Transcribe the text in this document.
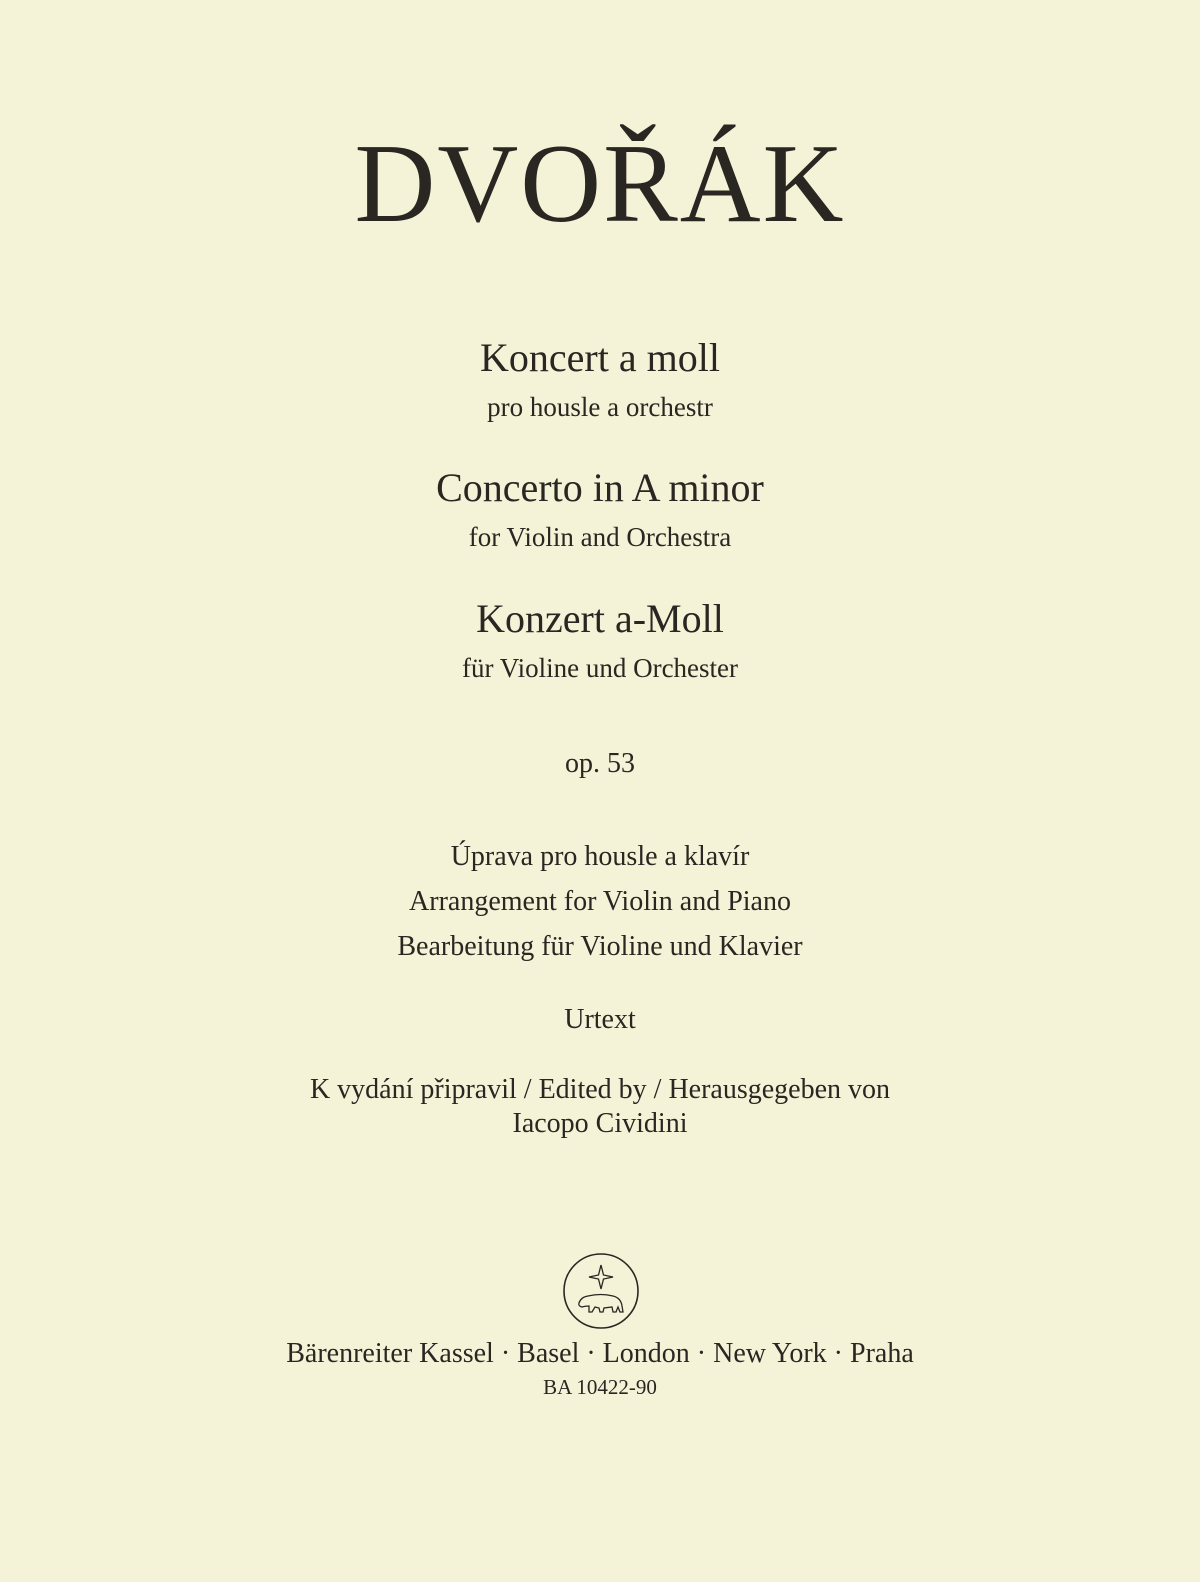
DVOŘÁK
Koncert a moll
pro housle a orchestr
Concerto in A minor
for Violin and Orchestra
Konzert a-Moll
für Violine und Orchester
op. 53
Úprava pro housle a klavír
Arrangement for Violin and Piano
Bearbeitung für Violine und Klavier
Urtext
K vydání připravil / Edited by / Herausgegeben von
Iacopo Cividini
Bärenreiter Kassel · Basel · London · New York · Praha
BA 10422-90
